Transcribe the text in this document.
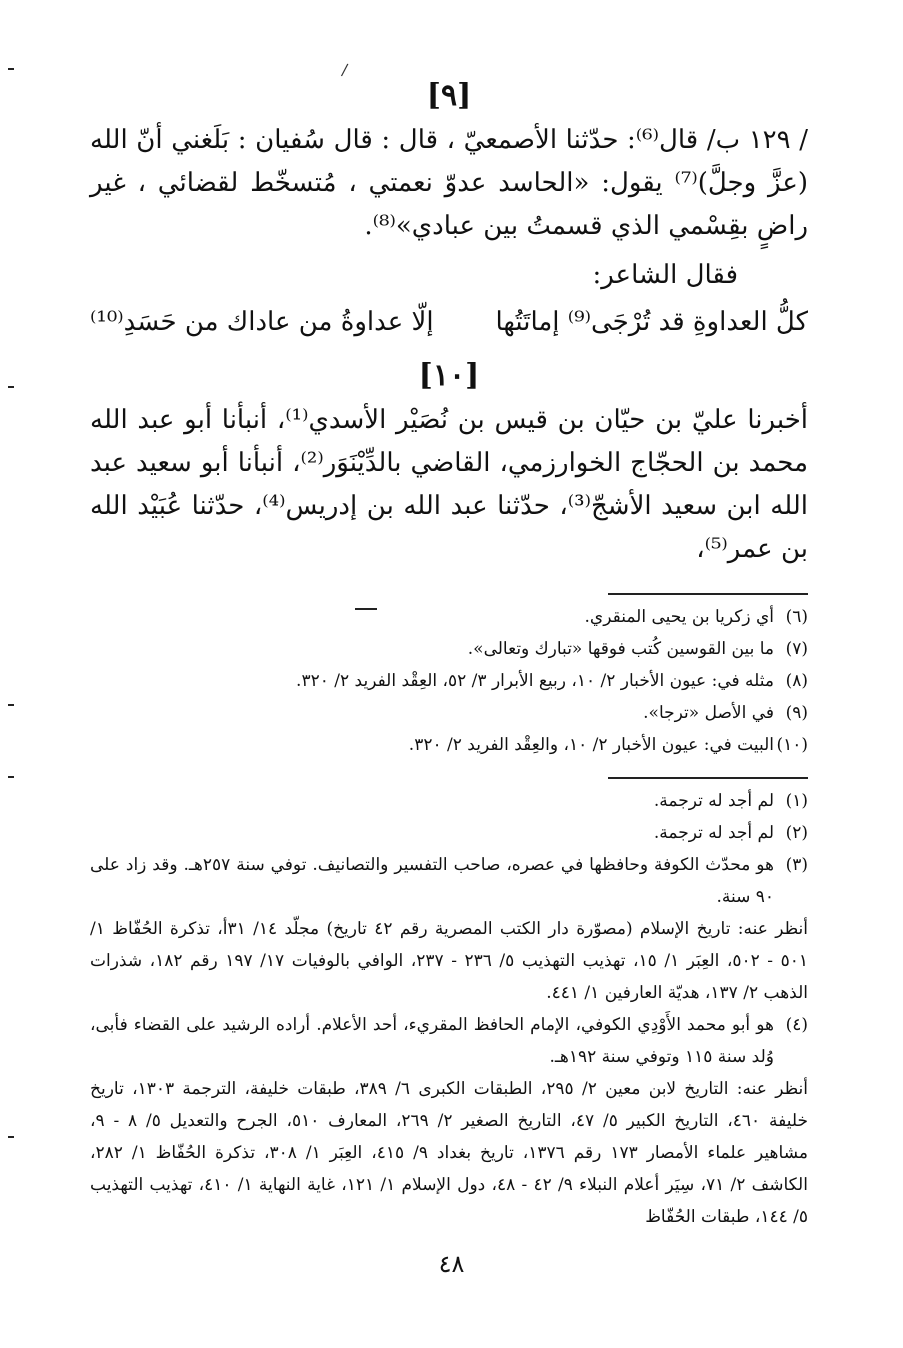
/
[٩]

/ ١٢٩ ب/ قال⁽⁶⁾: حدّثنا الأصمعيّ ، قال : قال سُفيان : بَلَغني أنّ الله (عزَّ وجلَّ)⁽⁷⁾ يقول: «الحاسد عدوّ نعمتي ، مُتسخّط لقضائي ، غير راضٍ بقِسْمي الذي قسمتُ بين عبادي»⁽⁸⁾.

فقال الشاعر:

كلُّ العداوةِ قد تُرْجَى⁽⁹⁾ إماتَتُها
إلّا عداوةُ من عاداك من حَسَدِ⁽¹⁰⁾
[١٠]

أخبرنا عليّ بن حيّان بن قيس بن نُصَيْر الأسدي⁽¹⁾، أنبأنا أبو عبد الله محمد بن الحجّاج الخوارزمي، القاضي بالدِّيْنَوَر⁽²⁾، أنبأنا أبو سعيد عبد الله ابن سعيد الأشجّ⁽³⁾، حدّثنا عبد الله بن إدريس⁽⁴⁾، حدّثنا عُبَيْد الله بن عمر⁽⁵⁾،

(٦)
أي زكريا بن يحيى المنقري.
(٧)
ما بين القوسين كُتب فوقها «تبارك وتعالى».
(٨)
مثله في: عيون الأخبار ٢/ ١٠، ربيع الأبرار ٣/ ٥٢، العِقْد الفريد ٢/ ٣٢٠.
(٩)
في الأصل «ترجا».
(١٠)
البيت في: عيون الأخبار ٢/ ١٠، والعِقْد الفريد ٢/ ٣٢٠.
(١)
لم أجد له ترجمة.
(٢)
لم أجد له ترجمة.
(٣)
هو محدّث الكوفة وحافظها في عصره، صاحب التفسير والتصانيف. توفي سنة ٢٥٧هـ. وقد زاد على ٩٠ سنة.
أنظر عنه: تاريخ الإسلام (مصوّرة دار الكتب المصرية رقم ٤٢ تاريخ) مجلّد ١٤/ ٣١أ، تذكرة الحُفّاظ ١/ ٥٠١ - ٥٠٢، العِبَر ١/ ١٥، تهذيب التهذيب ٥/ ٢٣٦ - ٢٣٧، الوافي بالوفيات ١٧/ ١٩٧ رقم ١٨٢، شذرات الذهب ٢/ ١٣٧، هديّة العارفين ١/ ٤٤١.
(٤)
هو أبو محمد الأَوْدِي الكوفي، الإمام الحافظ المقريء، أحد الأعلام. أراده الرشيد على القضاء فأبى، وُلد سنة ١١٥ وتوفي سنة ١٩٢هـ.
أنظر عنه: التاريخ لابن معين ٢/ ٢٩٥، الطبقات الكبرى ٦/ ٣٨٩، طبقات خليفة، الترجمة ١٣٠٣، تاريخ خليفة ٤٦٠، التاريخ الكبير ٥/ ٤٧، التاريخ الصغير ٢/ ٢٦٩، المعارف ٥١٠، الجرح والتعديل ٥/ ٨ - ٩، مشاهير علماء الأمصار ١٧٣ رقم ١٣٧٦، تاريخ بغداد ٩/ ٤١٥، العِبَر ١/ ٣٠٨، تذكرة الحُفّاظ ١/ ٢٨٢، الكاشف ٢/ ٧١، سِيَر أعلام النبلاء ٩/ ٤٢ - ٤٨، دول الإسلام ١/ ١٢١، غاية النهاية ١/ ٤١٠، تهذيب التهذيب ٥/ ١٤٤، طبقات الحُفّاظ
٤٨
